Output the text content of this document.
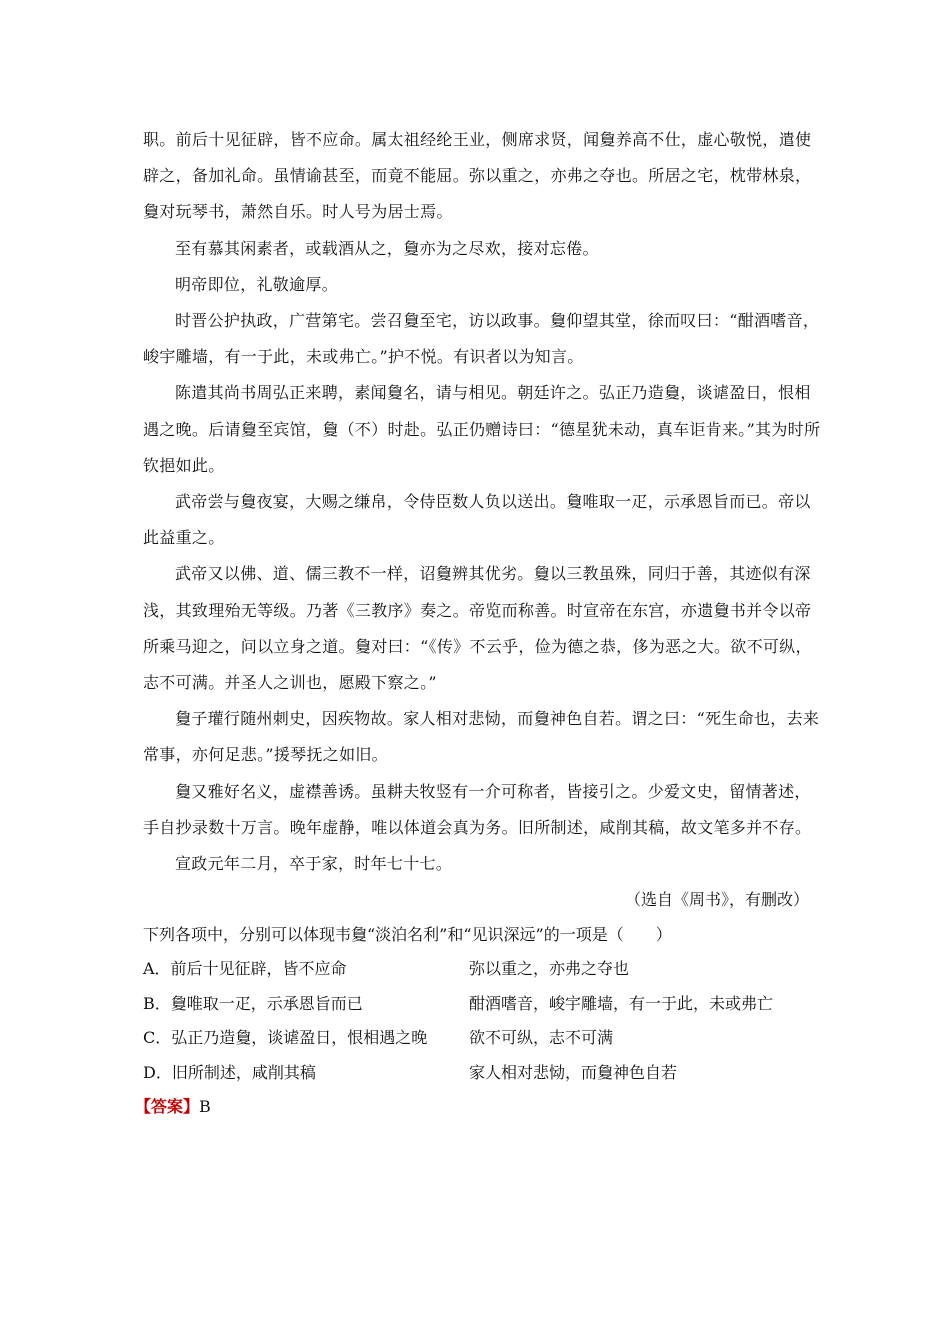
职。前后十见征辟，皆不应命。属太祖经纶王业，侧席求贤，闻敻养高不仕，虚心敬悦，遣使辟之，备加礼命。虽情谕甚至，而竟不能屈。弥以重之，亦弗之夺也。所居之宅，枕带林泉，敻对玩琴书，萧然自乐。时人号为居士焉。

至有慕其闲素者，或载酒从之，敻亦为之尽欢，接对忘倦。

明帝即位，礼敬逾厚。

时晋公护执政，广营第宅。尝召敻至宅，访以政事。敻仰望其堂，徐而叹曰：“酣酒嗜音，峻宇雕墙，有一于此，未或弗亡。”护不悦。有识者以为知言。

陈遣其尚书周弘正来聘，素闻敻名，请与相见。朝廷许之。弘正乃造敻，谈谑盈日，恨相遇之晚。后请敻至宾馆，敻（不）时赴。弘正仍赠诗曰：“德星犹未动，真车讵肯来。”其为时所钦挹如此。

武帝尝与敻夜宴，大赐之缣帛，令侍臣数人负以送出。敻唯取一疋，示承恩旨而已。帝以此益重之。

武帝又以佛、道、儒三教不一样，诏敻辨其优劣。敻以三教虽殊，同归于善，其迹似有深浅，其致理殆无等级。乃著《三教序》奏之。帝览而称善。时宣帝在东宫，亦遗敻书并令以帝所乘马迎之，问以立身之道。敻对曰：“《传》不云乎，俭为德之恭，侈为恶之大。欲不可纵，志不可满。并圣人之训也，愿殿下察之。”

敻子瓘行随州刺史，因疾物故。家人相对悲恸，而敻神色自若。谓之曰：“死生命也，去来常事，亦何足悲。”援琴抚之如旧。

敻又雅好名义，虚襟善诱。虽耕夫牧竖有一介可称者，皆接引之。少爱文史，留情著述，手自抄录数十万言。晚年虚静，唯以体道会真为务。旧所制述，咸削其稿，故文笔多并不存。

宣政元年二月，卒于家，时年七十七。

（选自《周书》，有删改）

下列各项中，分别可以体现韦敻“淡泊名利”和“见识深远”的一项是（　　）

A．前后十见征辟，皆不应命	弥以重之，亦弗之夺也
B．敻唯取一疋，示承恩旨而已	酣酒嗜音，峻宇雕墙，有一于此，未或弗亡
C．弘正乃造敻，谈谑盈日，恨相遇之晚	欲不可纵，志不可满
D．旧所制述，咸削其稿	家人相对悲恸，而敻神色自若

【答案】B
